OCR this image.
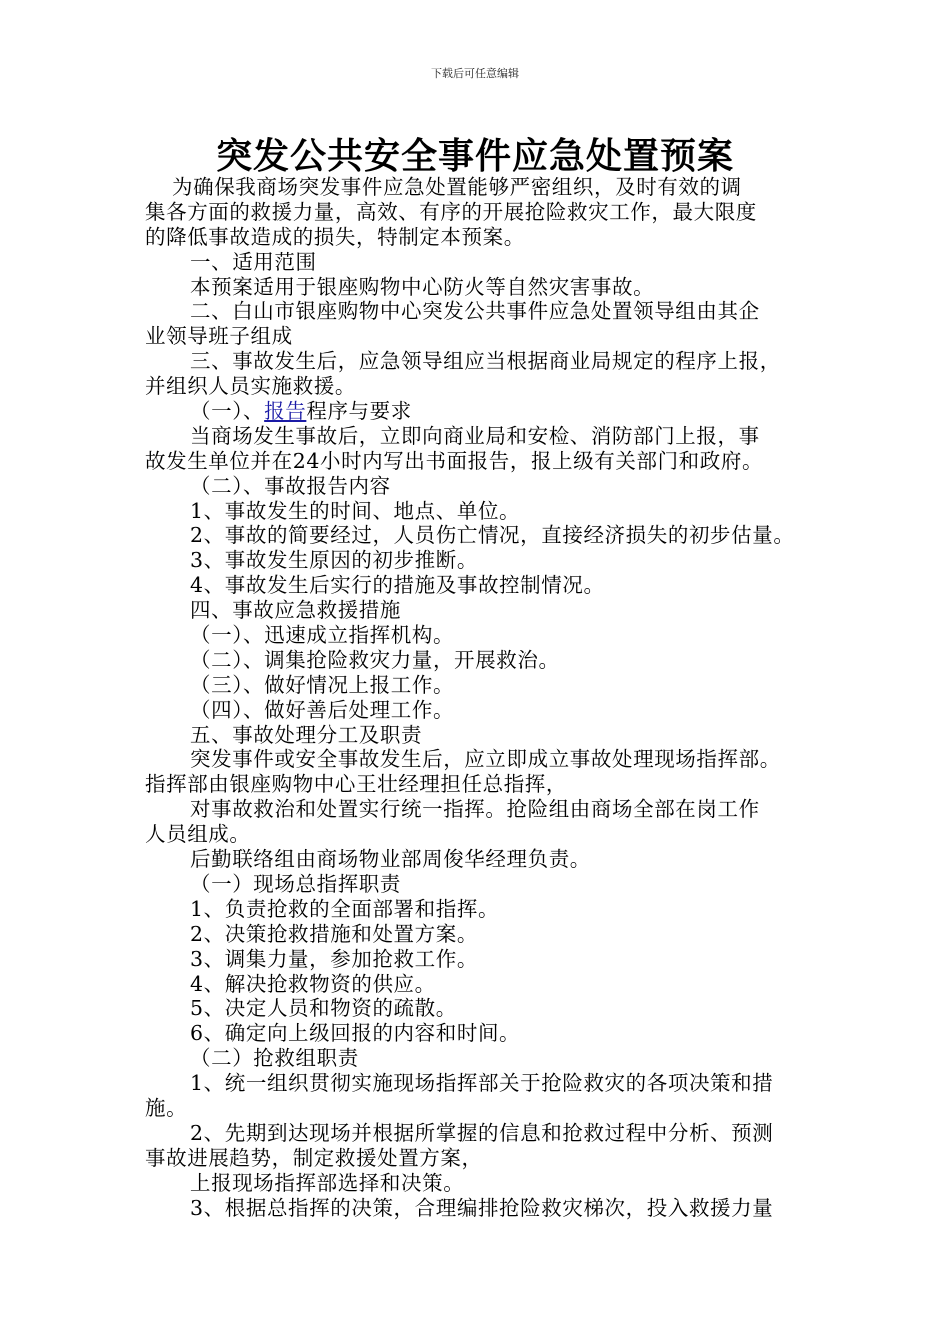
下载后可任意编辑
突发公共安全事件应急处置预案
为确保我商场突发事件应急处置能够严密组织，及时有效的调
集各方面的救援力量，高效、有序的开展抢险救灾工作，最大限度
的降低事故造成的损失，特制定本预案。
一、适用范围
本预案适用于银座购物中心防火等自然灾害事故。
二、白山市银座购物中心突发公共事件应急处置领导组由其企
业领导班子组成
三、事故发生后，应急领导组应当根据商业局规定的程序上报，
并组织人员实施救援。
（一）、报告程序与要求
当商场发生事故后，立即向商业局和安检、消防部门上报，事
故发生单位并在24小时内写出书面报告，报上级有关部门和政府。
（二）、事故报告内容
1、事故发生的时间、地点、单位。
2、事故的简要经过，人员伤亡情况，直接经济损失的初步估量。
3、事故发生原因的初步推断。
4、事故发生后实行的措施及事故控制情况。
四、事故应急救援措施
（一）、迅速成立指挥机构。
（二）、调集抢险救灾力量，开展救治。
（三）、做好情况上报工作。
（四）、做好善后处理工作。
五、事故处理分工及职责
突发事件或安全事故发生后，应立即成立事故处理现场指挥部。
指挥部由银座购物中心王壮经理担任总指挥，
对事故救治和处置实行统一指挥。抢险组由商场全部在岗工作
人员组成。
后勤联络组由商场物业部周俊华经理负责。
（一）现场总指挥职责
1、负责抢救的全面部署和指挥。
2、决策抢救措施和处置方案。
3、调集力量，参加抢救工作。
4、解决抢救物资的供应。
5、决定人员和物资的疏散。
6、确定向上级回报的内容和时间。
（二）抢救组职责
1、统一组织贯彻实施现场指挥部关于抢险救灾的各项决策和措
施。
2、先期到达现场并根据所掌握的信息和抢救过程中分析、预测
事故进展趋势，制定救援处置方案，
上报现场指挥部选择和决策。
3、根据总指挥的决策，合理编排抢险救灾梯次，投入救援力量
